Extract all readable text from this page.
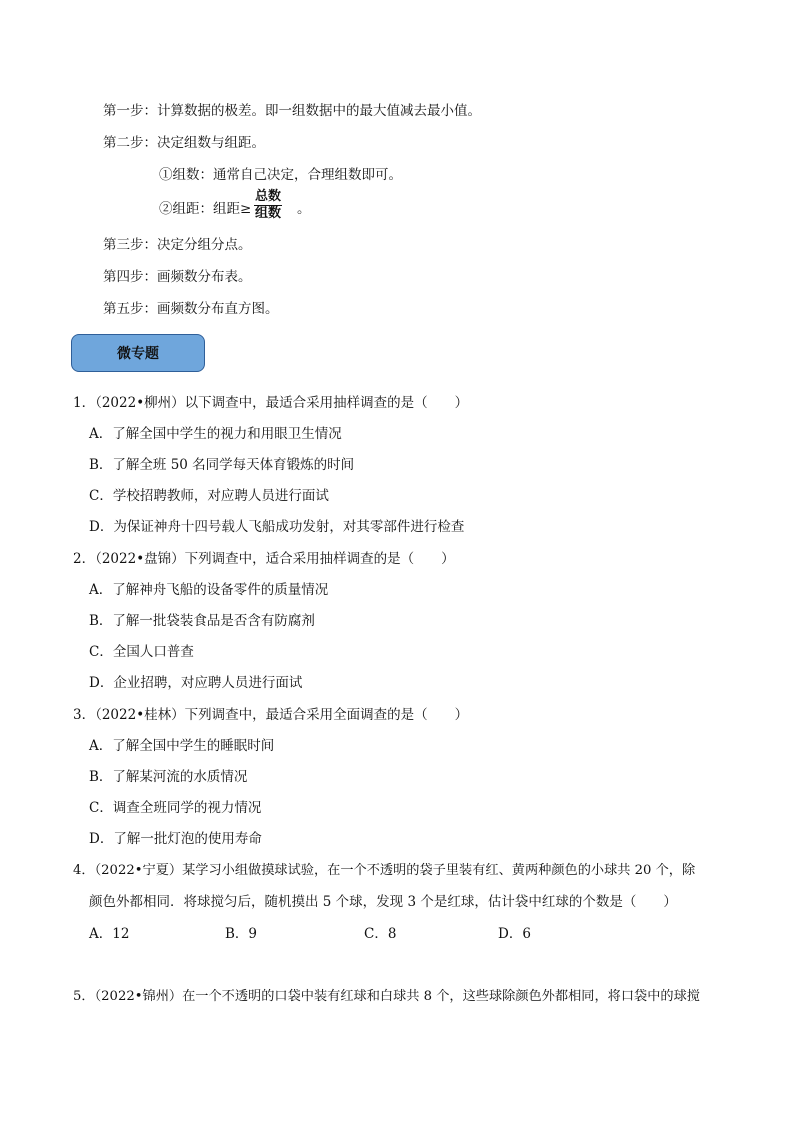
第一步：计算数据的极差。即一组数据中的最大值减去最小值。
第二步：决定组数与组距。
①组数：通常自己决定，合理组数即可。
②组距：组距≥
总数
组数 。
第三步：决定分组分点。
第四步：画频数分布表。
第五步：画频数分布直方图。
微专题
1．（2022•柳州）以下调查中，最适合采用抽样调查的是（　　）
A．了解全国中学生的视力和用眼卫生情况
B．了解全班 50 名同学每天体育锻炼的时间
C．学校招聘教师，对应聘人员进行面试
D．为保证神舟十四号载人飞船成功发射，对其零部件进行检查
2．（2022•盘锦）下列调查中，适合采用抽样调查的是（　　）
A．了解神舟飞船的设备零件的质量情况
B．了解一批袋装食品是否含有防腐剂
C．全国人口普查
D．企业招聘，对应聘人员进行面试
3．（2022•桂林）下列调查中，最适合采用全面调查的是（　　）
A．了解全国中学生的睡眠时间
B．了解某河流的水质情况
C．调查全班同学的视力情况
D．了解一批灯泡的使用寿命
4．（2022•宁夏）某学习小组做摸球试验，在一个不透明的袋子里装有红、黄两种颜色的小球共 20 个，除
颜色外都相同．将球搅匀后，随机摸出 5 个球，发现 3 个是红球，估计袋中红球的个数是（　　）
A．12	B．9	C．8	D．6
5．（2022•锦州）在一个不透明的口袋中装有红球和白球共 8 个，这些球除颜色外都相同，将口袋中的球搅
